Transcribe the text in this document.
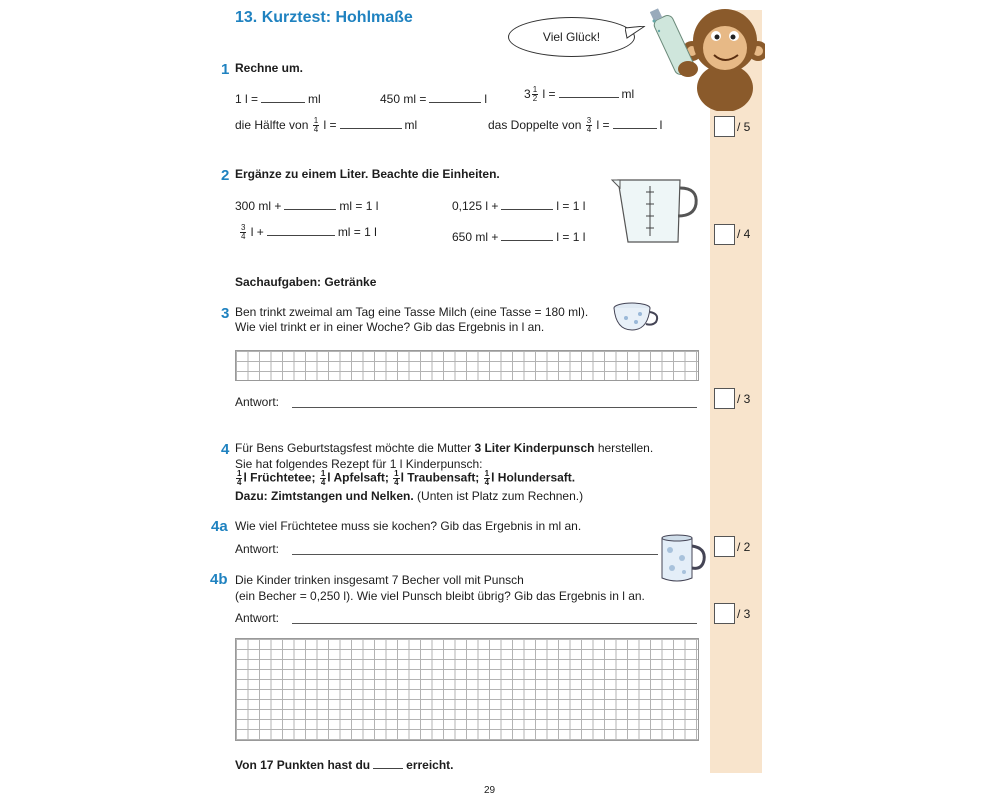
13. Kurztest: Hohlmaße
Viel Glück!
1 Rechne um.
1 l =	ml	450 ml =	l	$3 \frac{1}{2}$ l =	ml
die Hälfte von $\frac{1}{4}$ l =	ml	das Doppelte von $\frac{3}{4}$ l =	l	/ 5
2 Ergänze zu einem Liter. Beachte die Einheiten.
300 ml +	ml = 1 l	0,125 l +	l = 1 l
$\frac{3}{4}$ l +	ml = 1 l	650 ml +	l = 1 l	/ 4
Sachaufgaben: Getränke
3 Ben trinkt zweimal am Tag eine Tasse Milch (eine Tasse = 180 ml).
Wie viel trinkt er in einer Woche? Gib das Ergebnis in l an.
Antwort:	/ 3
4 Für Bens Geburtstagsfest möchte die Mutter 3 Liter Kinderpunsch herstellen.
Sie hat folgendes Rezept für 1 l Kinderpunsch:
$\frac{1}{4}$ l Früchtetee; $\frac{1}{4}$ l Apfelsaft; $\frac{1}{4}$ l Traubensaft; $\frac{1}{4}$ l Holundersaft.
Dazu: Zimtstangen und Nelken. (Unten ist Platz zum Rechnen.)
4a Wie viel Früchtetee muss sie kochen? Gib das Ergebnis in ml an.
Antwort:	/ 2
4b Die Kinder trinken insgesamt 7 Becher voll mit Punsch
(ein Becher = 0,250 l). Wie viel Punsch bleibt übrig? Gib das Ergebnis in l an.
Antwort:	/ 3
Von 17 Punkten hast du	erreicht.
29
